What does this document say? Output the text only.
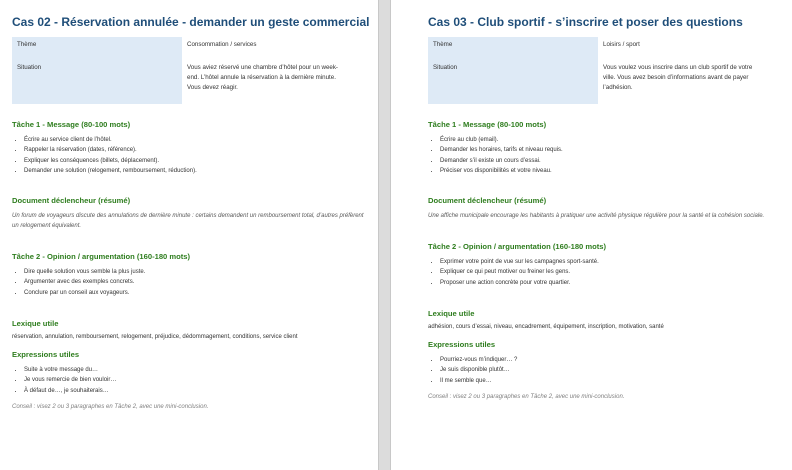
Cas 02 - Réservation annulée - demander un geste commercial
Thème	Consommation / services
Situation	Vous aviez réservé une chambre d’hôtel pour un week-end. L’hôtel annule la réservation à la dernière minute. Vous devez réagir.
Tâche 1 - Message (80-100 mots)
• Écrire au service client de l’hôtel.
• Rappeler la réservation (dates, référence).
• Expliquer les conséquences (billets, déplacement).
• Demander une solution (relogement, remboursement, réduction).
Document déclencheur (résumé)

Un forum de voyageurs discute des annulations de dernière minute : certains demandent un remboursement total, d’autres préfèrent un relogement équivalent.

Tâche 2 - Opinion / argumentation (160-180 mots)
• Dire quelle solution vous semble la plus juste.
• Argumenter avec des exemples concrets.
• Conclure par un conseil aux voyageurs.
Lexique utile

réservation, annulation, remboursement, relogement, préjudice, dédommagement, conditions, service client

Expressions utiles
• Suite à votre message du…
• Je vous remercie de bien vouloir…
• À défaut de…, je souhaiterais…

Conseil : visez 2 ou 3 paragraphes en Tâche 2, avec une mini-conclusion.

Cas 03 - Club sportif - s’inscrire et poser des questions
Thème	Loisirs / sport
Situation	Vous voulez vous inscrire dans un club sportif de votre ville. Vous avez besoin d’informations avant de payer l’adhésion.
Tâche 1 - Message (80-100 mots)
• Écrire au club (email).
• Demander les horaires, tarifs et niveau requis.
• Demander s’il existe un cours d’essai.
• Préciser vos disponibilités et votre niveau.
Document déclencheur (résumé)

Une affiche municipale encourage les habitants à pratiquer une activité physique régulière pour la santé et la cohésion sociale.

Tâche 2 - Opinion / argumentation (160-180 mots)
• Exprimer votre point de vue sur les campagnes sport-santé.
• Expliquer ce qui peut motiver ou freiner les gens.
• Proposer une action concrète pour votre quartier.
Lexique utile

adhésion, cours d’essai, niveau, encadrement, équipement, inscription, motivation, santé

Expressions utiles
• Pourriez-vous m’indiquer… ?
• Je suis disponible plutôt…
• Il me semble que…

Conseil : visez 2 ou 3 paragraphes en Tâche 2, avec une mini-conclusion.
